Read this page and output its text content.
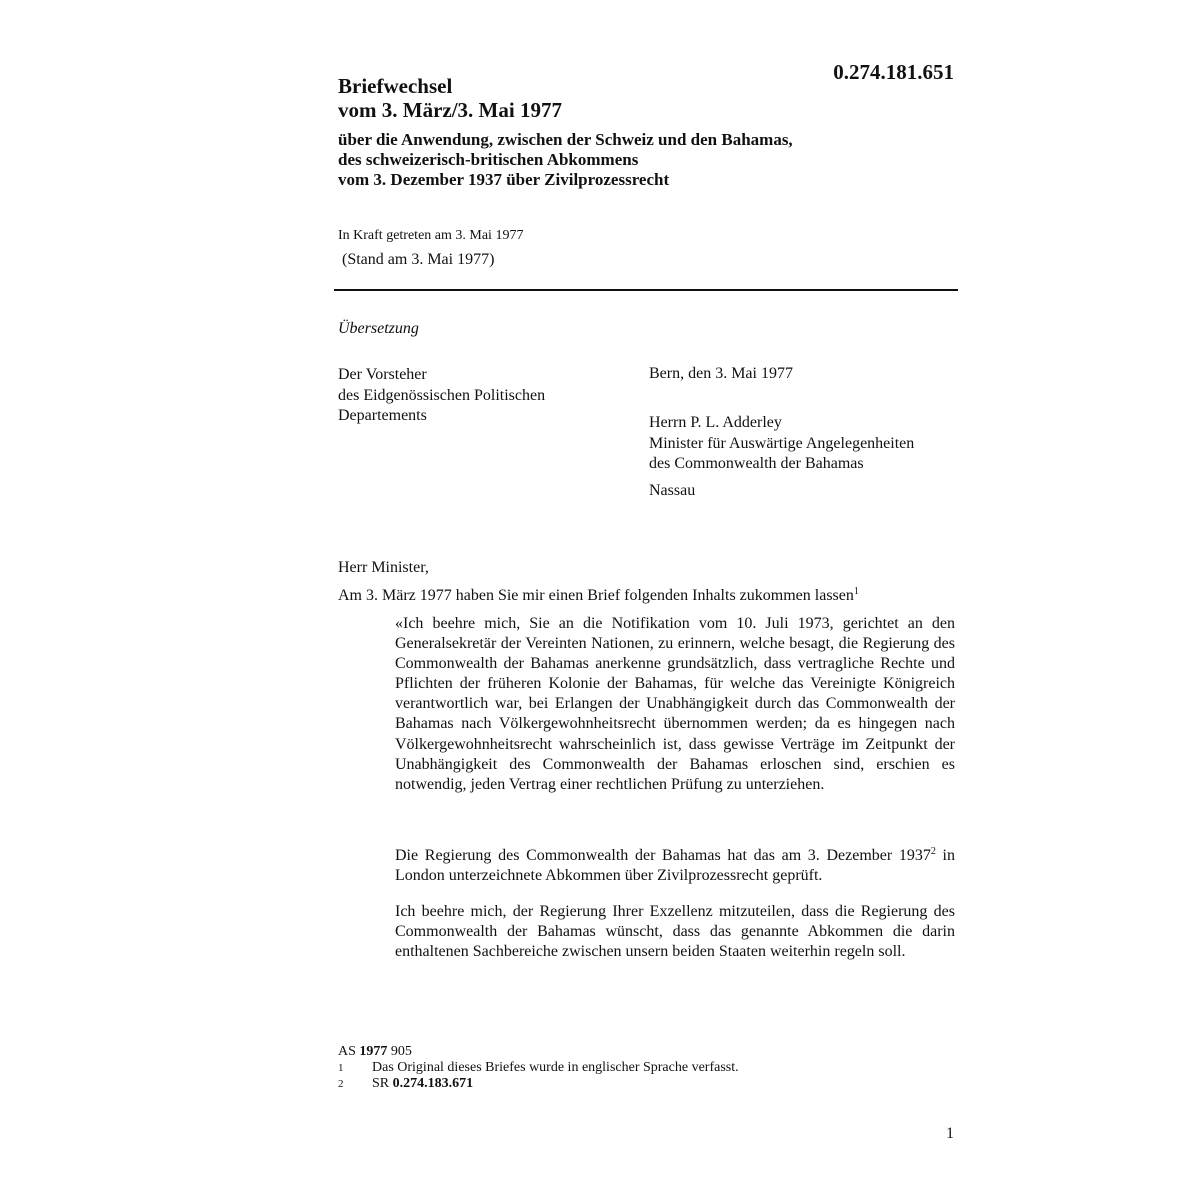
0.274.181.651
Briefwechsel
vom 3. März/3. Mai 1977
über die Anwendung, zwischen der Schweiz und den Bahamas,
des schweizerisch-britischen Abkommens
vom 3. Dezember 1937 über Zivilprozessrecht
In Kraft getreten am 3. Mai 1977
(Stand am 3. Mai 1977)
Übersetzung
Der Vorsteher
des Eidgenössischen Politischen
Departements
Bern, den 3. Mai 1977
Herrn P. L. Adderley
Minister für Auswärtige Angelegenheiten
des Commonwealth der Bahamas
Nassau
Herr Minister,
Am 3. März 1977 haben Sie mir einen Brief folgenden Inhalts zukommen lassen$^1$
«Ich beehre mich, Sie an die Notifikation vom 10. Juli 1973, gerichtet an den Generalsekretär der Vereinten Nationen, zu erinnern, welche besagt, die Regierung des Commonwealth der Bahamas anerkenne grundsätzlich, dass vertragliche Rechte und Pflichten der früheren Kolonie der Bahamas, für welche das Vereinigte Königreich verantwortlich war, bei Erlangen der Unabhängigkeit durch das Commonwealth der Bahamas nach Völkergewohnheitsrecht übernommen werden; da es hingegen nach Völkergewohnheitsrecht wahrscheinlich ist, dass gewisse Verträge im Zeitpunkt der Unabhängigkeit des Commonwealth der Bahamas erloschen sind, erschien es notwendig, jeden Vertrag einer rechtlichen Prüfung zu unterziehen.
Die Regierung des Commonwealth der Bahamas hat das am 3. Dezember 1937$^2$ in London unterzeichnete Abkommen über Zivilprozessrecht geprüft.
Ich beehre mich, der Regierung Ihrer Exzellenz mitzuteilen, dass die Regierung des Commonwealth der Bahamas wünscht, dass das genannte Abkommen die darin enthaltenen Sachbereiche zwischen unsern beiden Staaten weiterhin regeln soll.
AS 1977 905
1	Das Original dieses Briefes wurde in englischer Sprache verfasst.
2	SR 0.274.183.671
1
